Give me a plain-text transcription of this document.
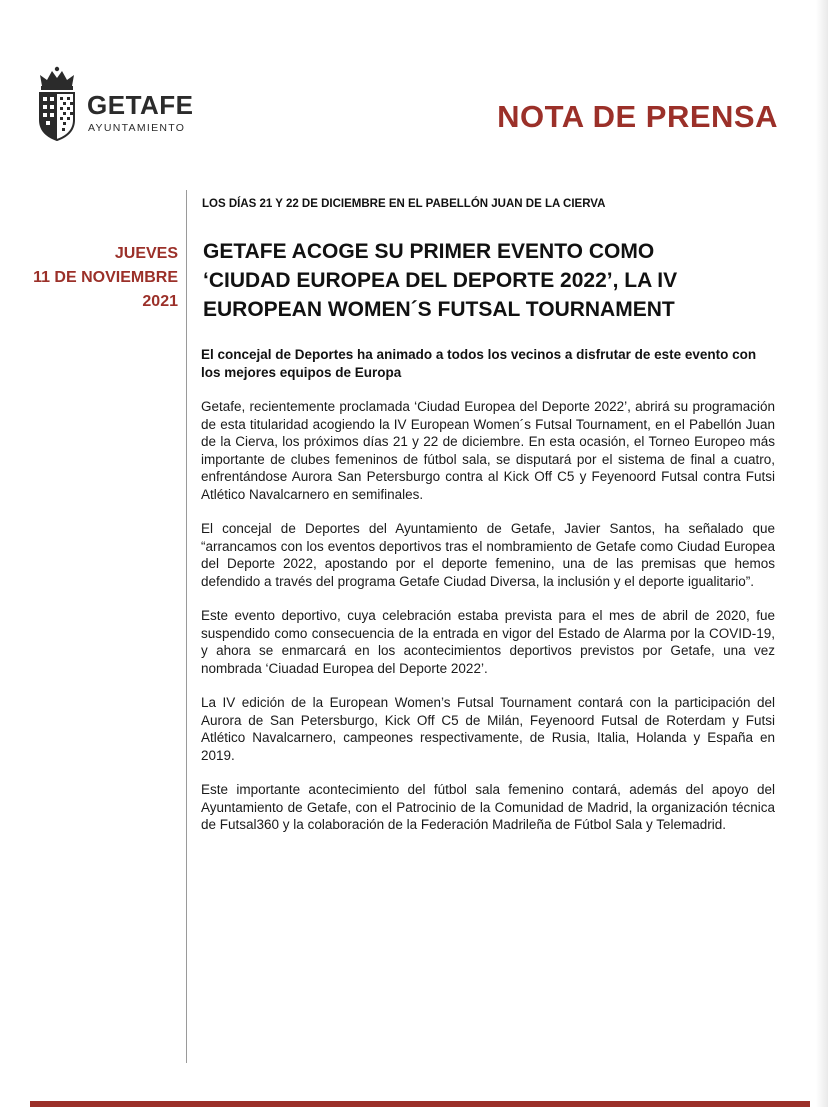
GETAFE
AYUNTAMIENTO	NOTA DE PRENSA
LOS DÍAS 21 Y 22 DE DICIEMBRE EN EL PABELLÓN JUAN DE LA CIERVA
JUEVES
11 DE NOVIEMBRE
2021
GETAFE ACOGE SU PRIMER EVENTO COMO
‘CIUDAD EUROPEA DEL DEPORTE 2022’, LA IV
EUROPEAN WOMEN´S FUTSAL TOURNAMENT
El concejal de Deportes ha animado a todos los vecinos a disfrutar de este evento con los mejores equipos de Europa

Getafe, recientemente proclamada ‘Ciudad Europea del Deporte 2022’, abrirá su programación de esta titularidad acogiendo la IV European Women´s Futsal Tournament, en el Pabellón Juan de la Cierva, los próximos días 21 y 22 de diciembre. En esta ocasión, el Torneo Europeo más importante de clubes femeninos de fútbol sala, se disputará por el sistema de final a cuatro, enfrentándose Aurora San Petersburgo contra al Kick Off C5 y Feyenoord Futsal contra Futsi Atlético Navalcarnero en semifinales.

El concejal de Deportes del Ayuntamiento de Getafe, Javier Santos, ha señalado que “arrancamos con los eventos deportivos tras el nombramiento de Getafe como Ciudad Europea del Deporte 2022, apostando por el deporte femenino, una de las premisas que hemos defendido a través del programa Getafe Ciudad Diversa, la inclusión y el deporte igualitario”.

Este evento deportivo, cuya celebración estaba prevista para el mes de abril de 2020, fue suspendido como consecuencia de la entrada en vigor del Estado de Alarma por la COVID-19, y ahora se enmarcará en los acontecimientos deportivos previstos por Getafe, una vez nombrada ‘Ciuadad Europea del Deporte 2022’.

La IV edición de la European Women’s Futsal Tournament contará con la participación del Aurora de San Petersburgo, Kick Off C5 de Milán, Feyenoord Futsal de Roterdam y Futsi Atlético Navalcarnero, campeones respectivamente, de Rusia, Italia, Holanda y España en 2019.

Este importante acontecimiento del fútbol sala femenino contará, además del apoyo del Ayuntamiento de Getafe, con el Patrocinio de la Comunidad de Madrid, la organización técnica de Futsal360 y la colaboración de la Federación Madrileña de Fútbol Sala y Telemadrid.
